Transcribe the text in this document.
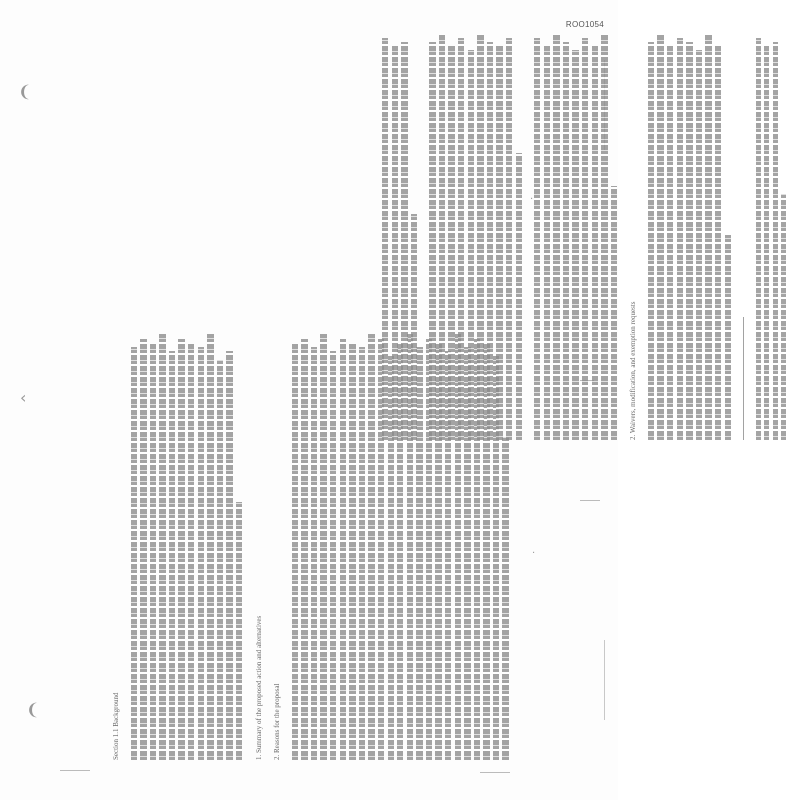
ROO1054
❨
‹
❨
·
·
Section 1.1 Background	1. Summary of the proposed action and alternatives 2. Reasons for the proposal
2. Waivers, modification, and exemption requests
